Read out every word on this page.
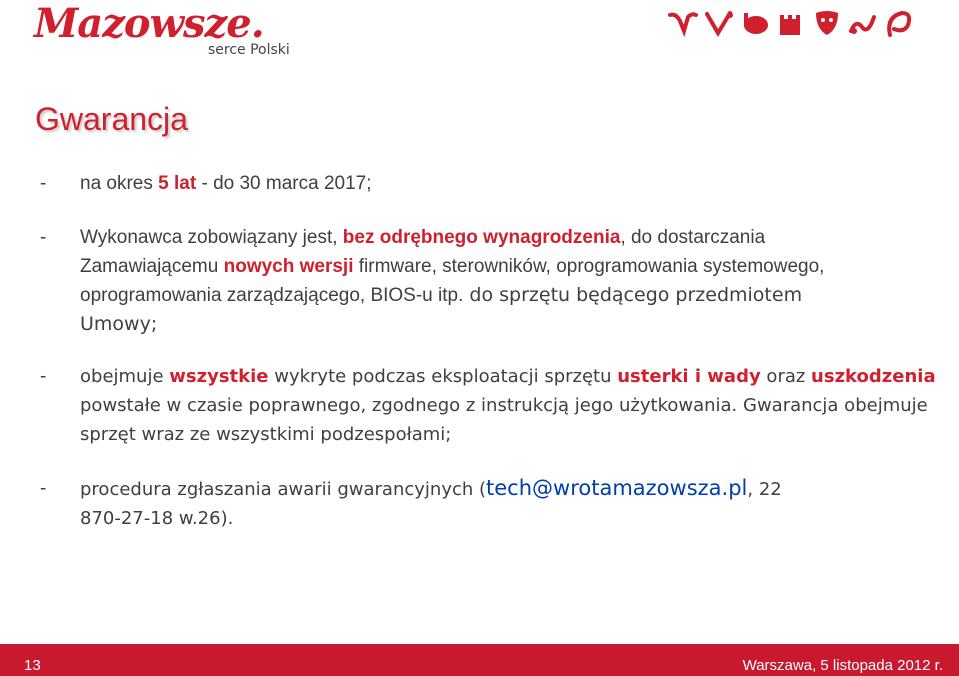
Mazowsze.
serce Polski
Gwarancja
- na okres 5 lat - do 30 marca 2017;
- Wykonawca zobowiązany jest, bez odrębnego wynagrodzenia, do dostarczania Zamawiającemu nowych wersji firmware, sterowników, oprogramowania systemowego, oprogramowania zarządzającego, BIOS-u itp. do sprzętu będącego przedmiotem Umowy;
- obejmuje wszystkie wykryte podczas eksploatacji sprzętu usterki i wady oraz uszkodzenia powstałe w czasie poprawnego, zgodnego z instrukcją jego użytkowania. Gwarancja obejmuje sprzęt wraz ze wszystkimi podzespołami;
- procedura zgłaszania awarii gwarancyjnych (tech@wrotamazowsza.pl, 22 870-27-18 w.26).
13	Warszawa, 5 listopada 2012 r.
